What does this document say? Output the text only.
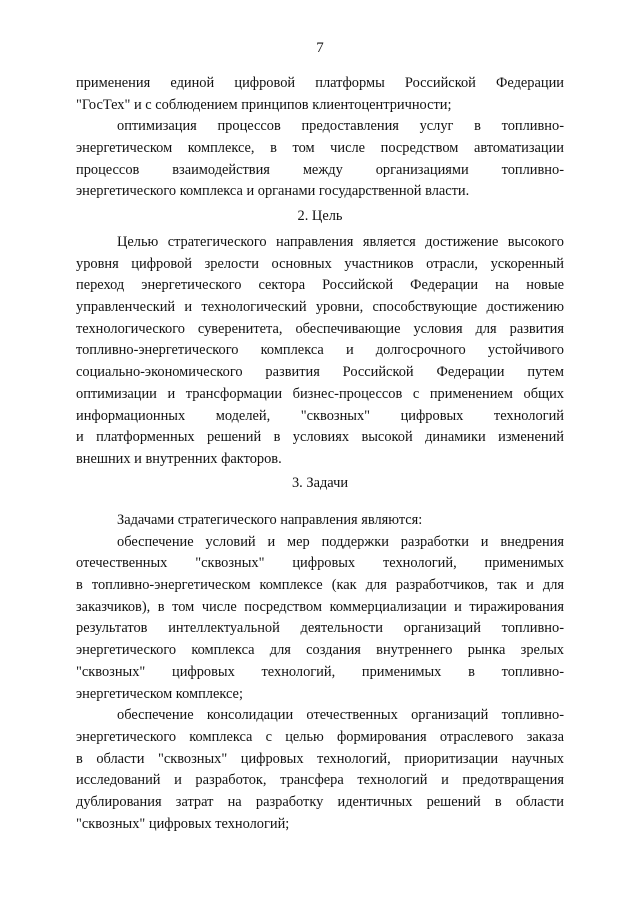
7
применения единой цифровой платформы Российской Федерации
"ГосТех" и с соблюдением принципов клиентоцентричности;
оптимизация процессов предоставления услуг в топливно-
энергетическом комплексе, в том числе посредством автоматизации
процессов взаимодействия между организациями топливно-
энергетического комплекса и органами государственной власти.
2. Цель
Целью стратегического направления является достижение высокого
уровня цифровой зрелости основных участников отрасли, ускоренный
переход энергетического сектора Российской Федерации на новые
управленческий и технологический уровни, способствующие достижению
технологического суверенитета, обеспечивающие условия для развития
топливно-энергетического комплекса и долгосрочного устойчивого
социально-экономического развития Российской Федерации путем
оптимизации и трансформации бизнес-процессов с применением общих
информационных моделей, "сквозных" цифровых технологий
и платформенных решений в условиях высокой динамики изменений
внешних и внутренних факторов.
3. Задачи
Задачами стратегического направления являются:
обеспечение условий и мер поддержки разработки и внедрения
отечественных "сквозных" цифровых технологий, применимых
в топливно-энергетическом комплексе (как для разработчиков, так и для
заказчиков), в том числе посредством коммерциализации и тиражирования
результатов интеллектуальной деятельности организаций топливно-
энергетического комплекса для создания внутреннего рынка зрелых
"сквозных" цифровых технологий, применимых в топливно-
энергетическом комплексе;
обеспечение консолидации отечественных организаций топливно-
энергетического комплекса с целью формирования отраслевого заказа
в области "сквозных" цифровых технологий, приоритизации научных
исследований и разработок, трансфера технологий и предотвращения
дублирования затрат на разработку идентичных решений в области
"сквозных" цифровых технологий;
